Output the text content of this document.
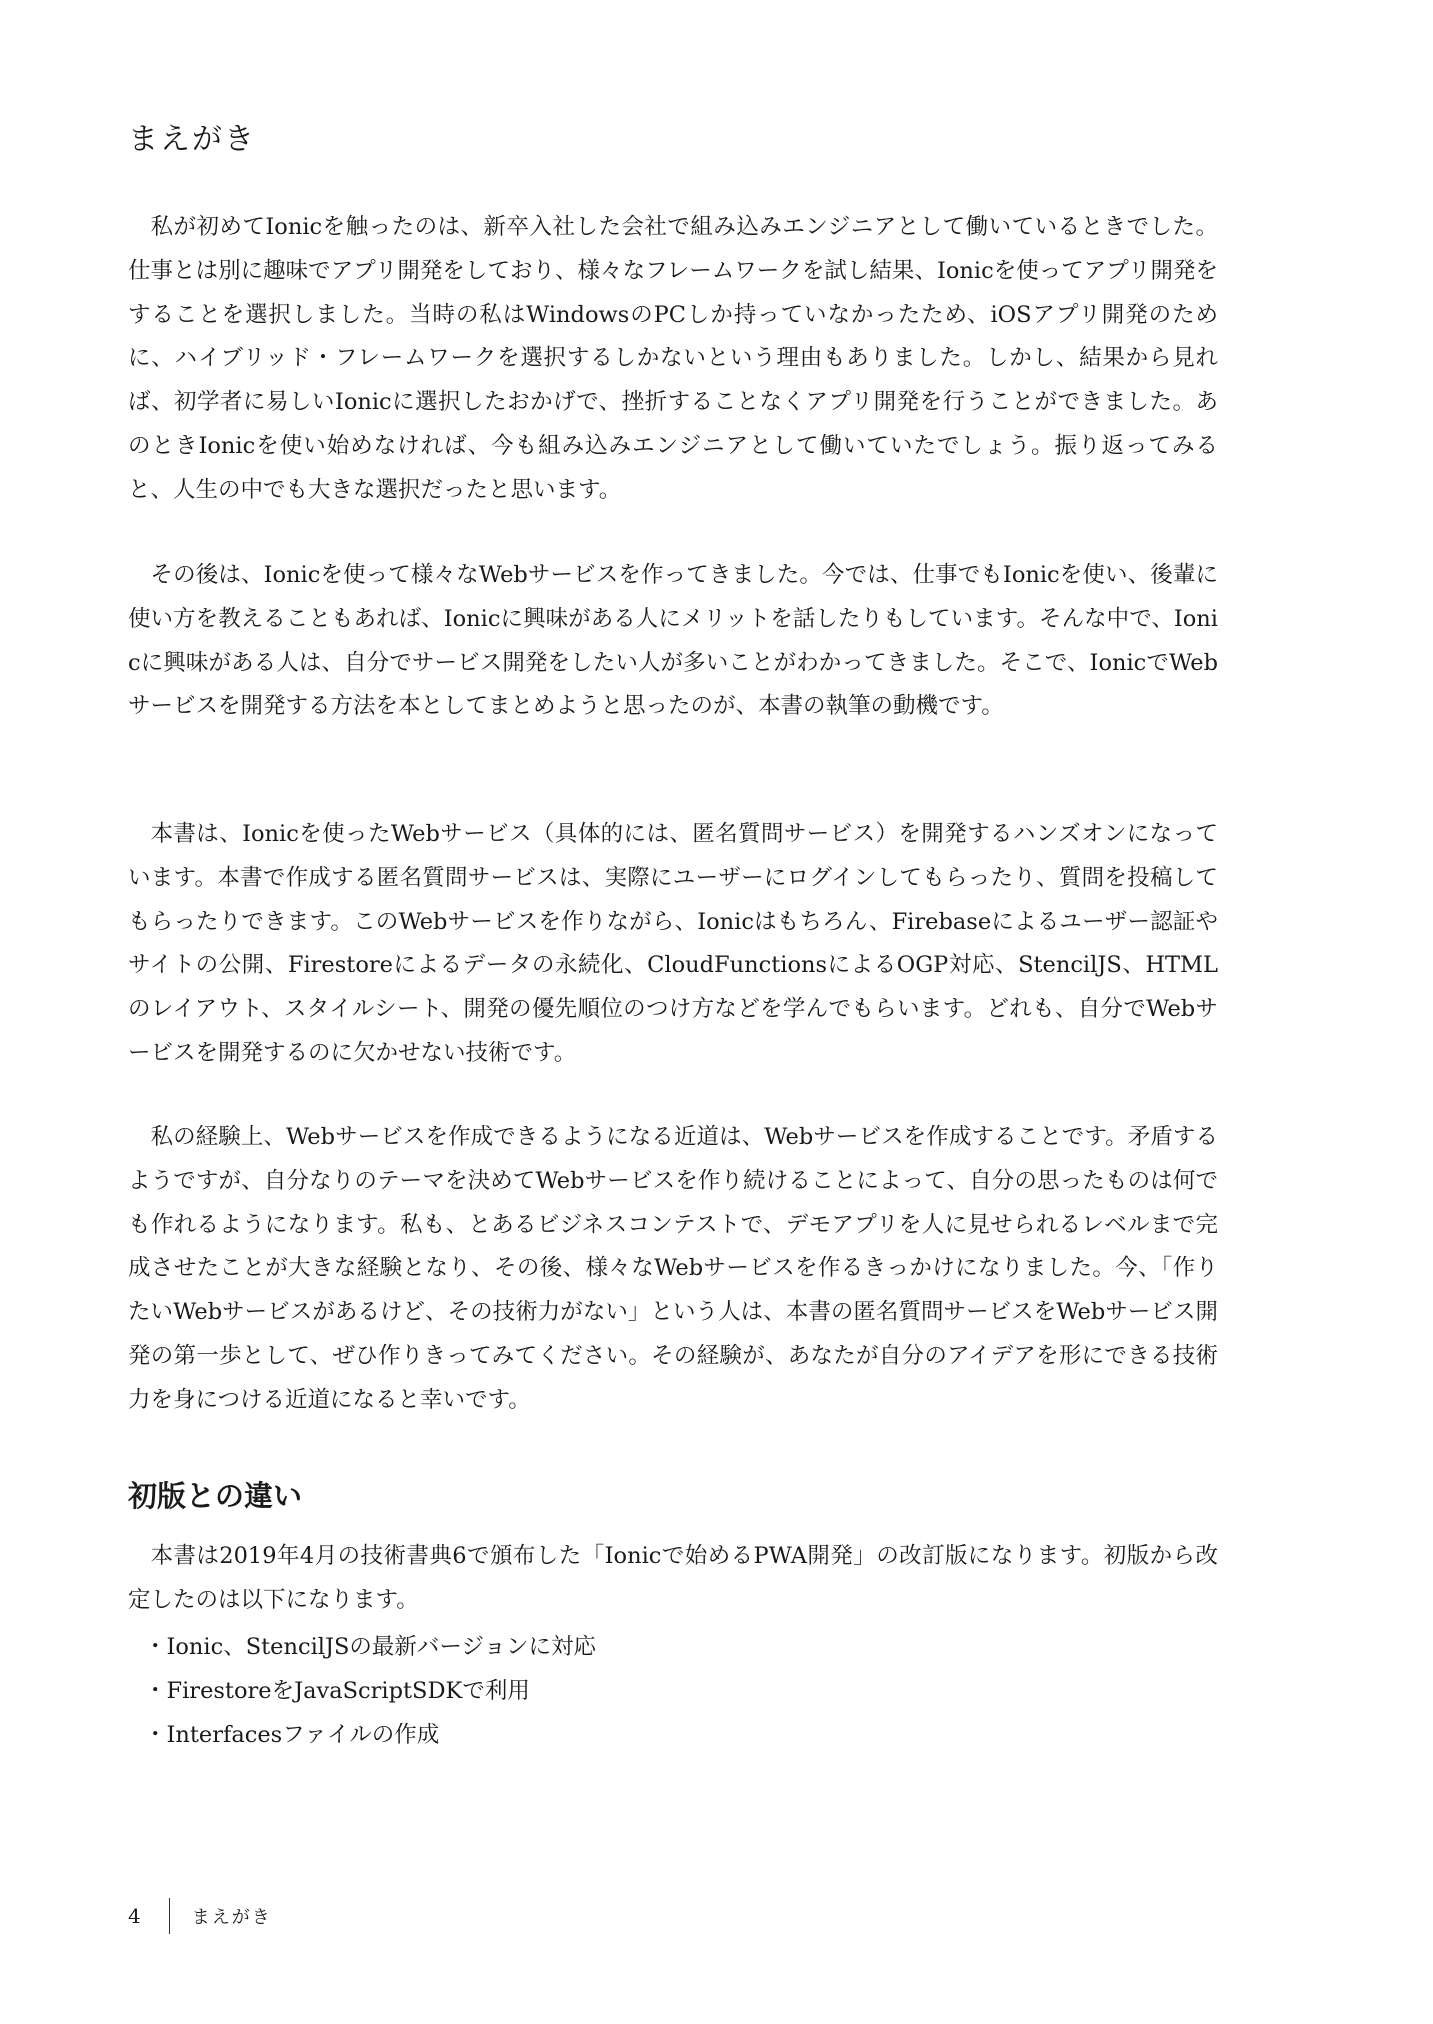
まえがき

私が初めてIonicを触ったのは、新卒入社した会社で組み込みエンジニアとして働いているときでした。仕事とは別に趣味でアプリ開発をしており、様々なフレームワークを試し結果、Ionicを使ってアプリ開発をすることを選択しました。当時の私はWindowsのPCしか持っていなかったため、iOSアプリ開発のために、ハイブリッド・フレームワークを選択するしかないという理由もありました。しかし、結果から見れば、初学者に易しいIonicに選択したおかげで、挫折することなくアプリ開発を行うことができました。あのときIonicを使い始めなければ、今も組み込みエンジニアとして働いていたでしょう。振り返ってみると、人生の中でも大きな選択だったと思います。

その後は、Ionicを使って様々なWebサービスを作ってきました。今では、仕事でもIonicを使い、後輩に使い方を教えることもあれば、Ionicに興味がある人にメリットを話したりもしています。そんな中で、Ionicに興味がある人は、自分でサービス開発をしたい人が多いことがわかってきました。そこで、IonicでWebサービスを開発する方法を本としてまとめようと思ったのが、本書の執筆の動機です。

本書は、Ionicを使ったWebサービス（具体的には、匿名質問サービス）を開発するハンズオンになっています。本書で作成する匿名質問サービスは、実際にユーザーにログインしてもらったり、質問を投稿してもらったりできます。このWebサービスを作りながら、Ionicはもちろん、Firebaseによるユーザー認証やサイトの公開、Firestoreによるデータの永続化、CloudFunctionsによるOGP対応、StencilJS、HTMLのレイアウト、スタイルシート、開発の優先順位のつけ方などを学んでもらいます。どれも、自分でWebサービスを開発するのに欠かせない技術です。

私の経験上、Webサービスを作成できるようになる近道は、Webサービスを作成することです。矛盾するようですが、自分なりのテーマを決めてWebサービスを作り続けることによって、自分の思ったものは何でも作れるようになります。私も、とあるビジネスコンテストで、デモアプリを人に見せられるレベルまで完成させたことが大きな経験となり、その後、様々なWebサービスを作るきっかけになりました。今、「作りたいWebサービスがあるけど、その技術力がない」という人は、本書の匿名質問サービスをWebサービス開発の第一歩として、ぜひ作りきってみてください。その経験が、あなたが自分のアイデアを形にできる技術力を身につける近道になると幸いです。

初版との違い

本書は2019年4月の技術書典6で頒布した「Ionicで始めるPWA開発」の改訂版になります。初版から改定したのは以下になります。

・Ionic、StencilJSの最新バージョンに対応
・FirestoreをJavaScriptSDKで利用
・Interfacesファイルの作成
4	まえがき
